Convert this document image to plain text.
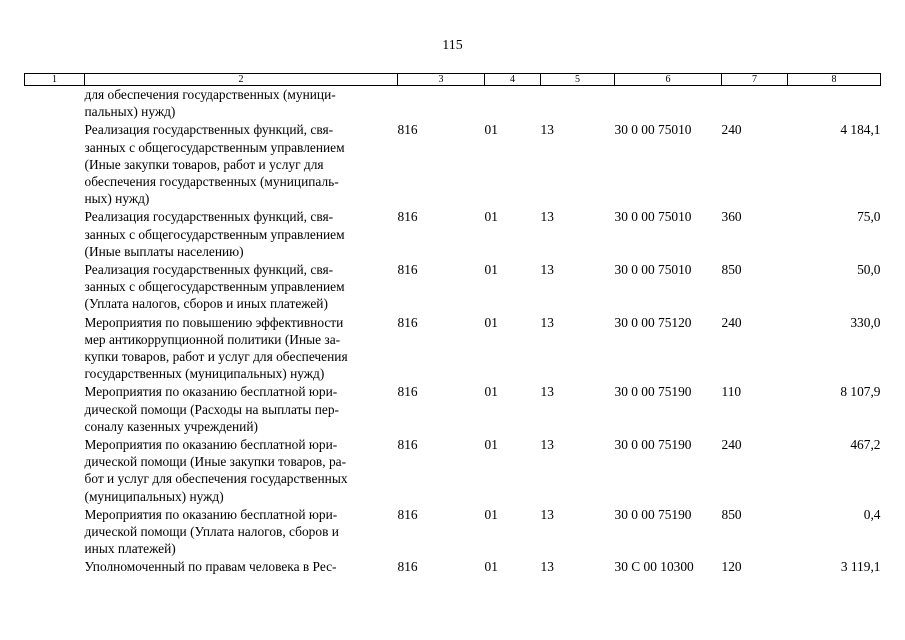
115
1	2	3	4	5	6	7	8
	для обеспечения государственных (муници-
пальных) нужд)						
	Реализация государственных функций, свя-
занных с общегосударственным управлением
(Иные закупки товаров, работ и услуг для
обеспечения государственных (муниципаль-
ных) нужд)	816	01	13	30 0 00 75010	240	4 184,1
	Реализация государственных функций, свя-
занных с общегосударственным управлением
(Иные выплаты населению)	816	01	13	30 0 00 75010	360	75,0
	Реализация государственных функций, свя-
занных с общегосударственным управлением
(Уплата налогов, сборов и иных платежей)	816	01	13	30 0 00 75010	850	50,0
	Мероприятия по повышению эффективности
мер антикоррупционной политики (Иные за-
купки товаров, работ и услуг для обеспечения
государственных (муниципальных) нужд)	816	01	13	30 0 00 75120	240	330,0
	Мероприятия по оказанию бесплатной юри-
дической помощи (Расходы на выплаты пер-
соналу казенных учреждений)	816	01	13	30 0 00 75190	110	8 107,9
	Мероприятия по оказанию бесплатной юри-
дической помощи (Иные закупки товаров, ра-
бот и услуг для обеспечения государственных
(муниципальных) нужд)	816	01	13	30 0 00 75190	240	467,2
	Мероприятия по оказанию бесплатной юри-
дической помощи (Уплата налогов, сборов и
иных платежей)	816	01	13	30 0 00 75190	850	0,4
	Уполномоченный по правам человека в Рес-	816	01	13	30 С 00 10300	120	3 119,1
